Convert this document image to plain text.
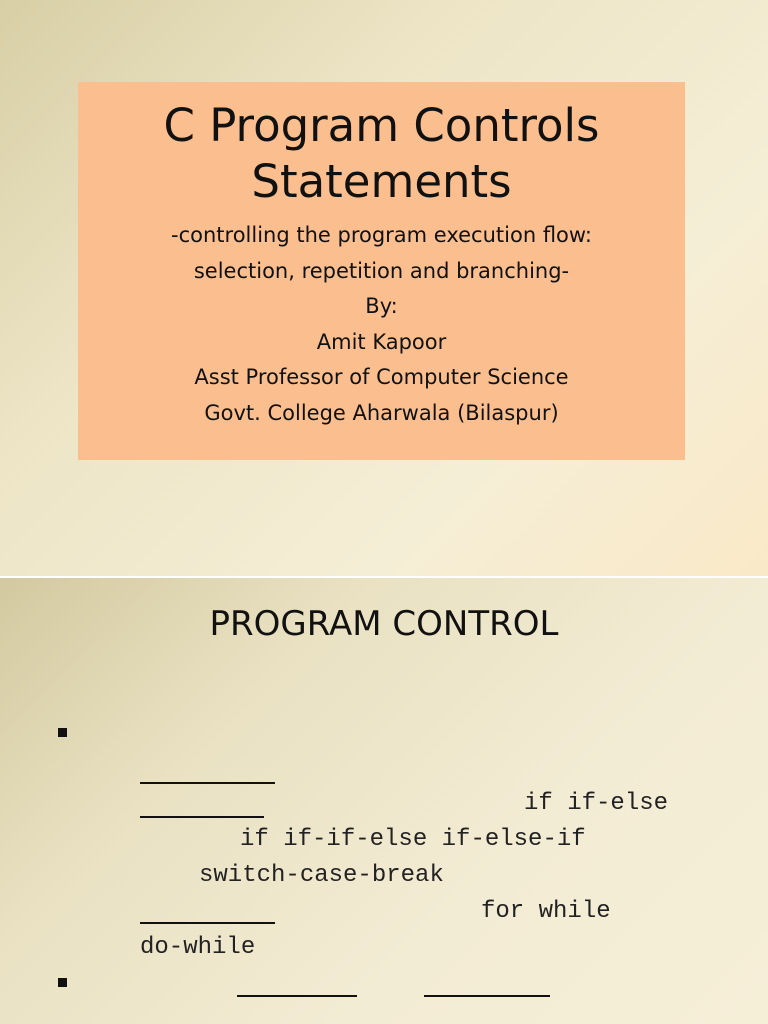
C Program Controls
Statements
-controlling the program execution flow:
selection, repetition and branching-
By:
Amit Kapoor
Asst Professor of Computer Science
Govt. College Aharwala (Bilaspur)
PROGRAM CONTROL
if if-else
if if-if-else if-else-if
switch-case-break
for while
do-while
